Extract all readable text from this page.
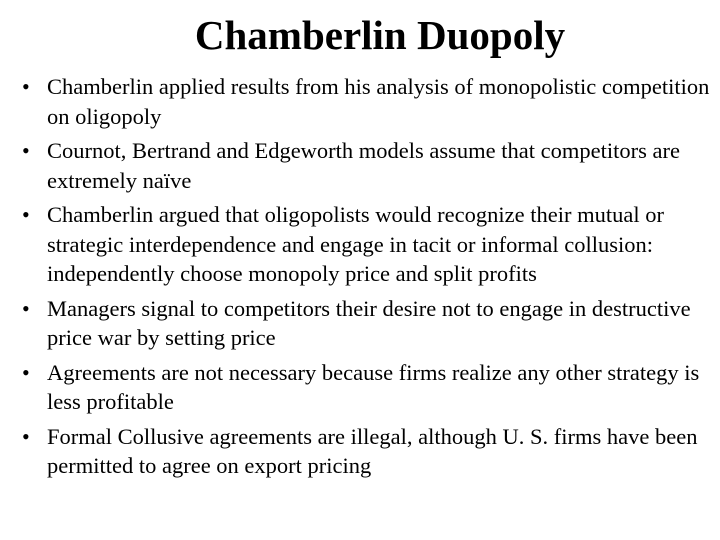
Chamberlin Duopoly
• Chamberlin applied results from his analysis of monopolistic competition on oligopoly
• Cournot, Bertrand and Edgeworth models assume that competitors are extremely naïve
• Chamberlin argued that oligopolists would recognize their mutual or strategic interdependence and engage in tacit or informal collusion: independently choose monopoly price and split profits
• Managers signal to competitors their desire not to engage in destructive price war by setting price
• Agreements are not necessary because firms realize any other strategy is less profitable
• Formal Collusive agreements are illegal, although U. S. firms have been permitted to agree on export pricing
